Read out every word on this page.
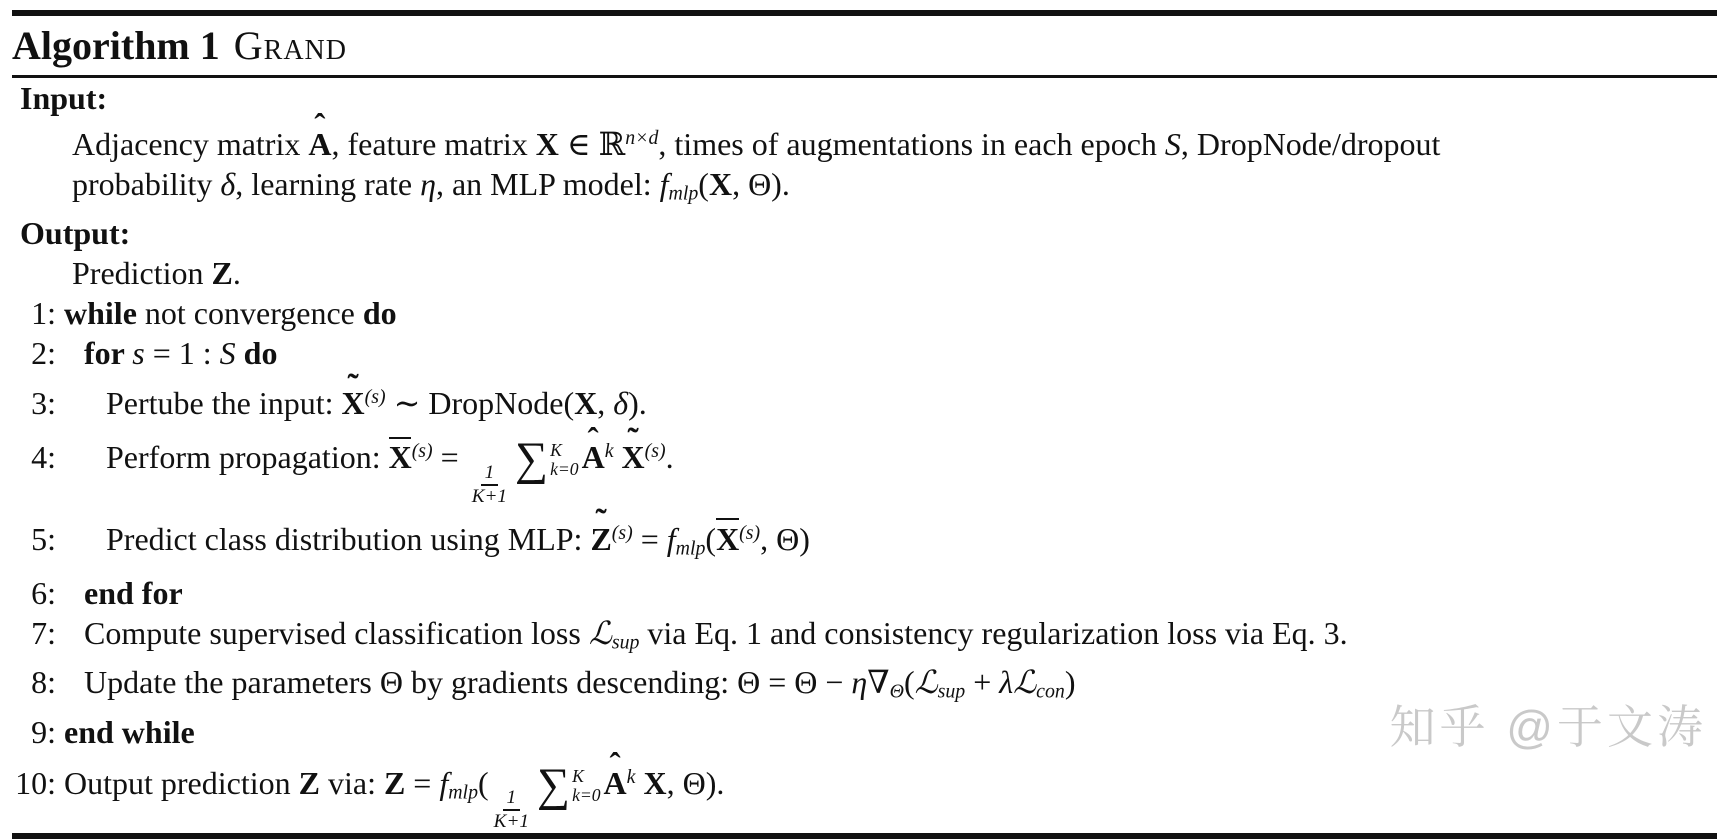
Algorithm 1 Grand
Input:
Adjacency matrix ˆ A, feature matrix X ∈ ℝ$^{n\times d}$, times of augmentations in each epoch S, DropNode/dropout
probability δ, learning rate η, an MLP model: $f_{mlp}(X$, Θ).
Output:
Prediction Z.
1: while not convergence do
2: for s = 1 : S do
3:	Pertube the input: ˜ $X^{(s)}$ ∼ DropNode(X, δ).
4:	Perform propagation: $X^{(s)}$ =
$\frac{1}{K+1}$ ∑ K
k=0 ˆ $A^k$ ˜ $X^{(s)}$.
5:	Predict class distribution using MLP: ˜ $Z^{(s)} = f_{mlp}(X^{(s)}$, Θ)
6: end for
7: Compute supervised classification loss ℒ$_{sup}$ via Eq. 1 and consistency regularization loss via Eq. 3.
8: Update the parameters Θ by gradients descending: $\Theta = \Theta - \eta\nabla_\Theta(ℒ_{sup}$ + λℒ$_{con}$)
9: end while
10: Output prediction Z via: $Z = f_{mlp}$(
$\frac{1}{K+1}$ ∑ K
k=0 ˆ $A^k$ X, Θ).
知乎 @于文涛
